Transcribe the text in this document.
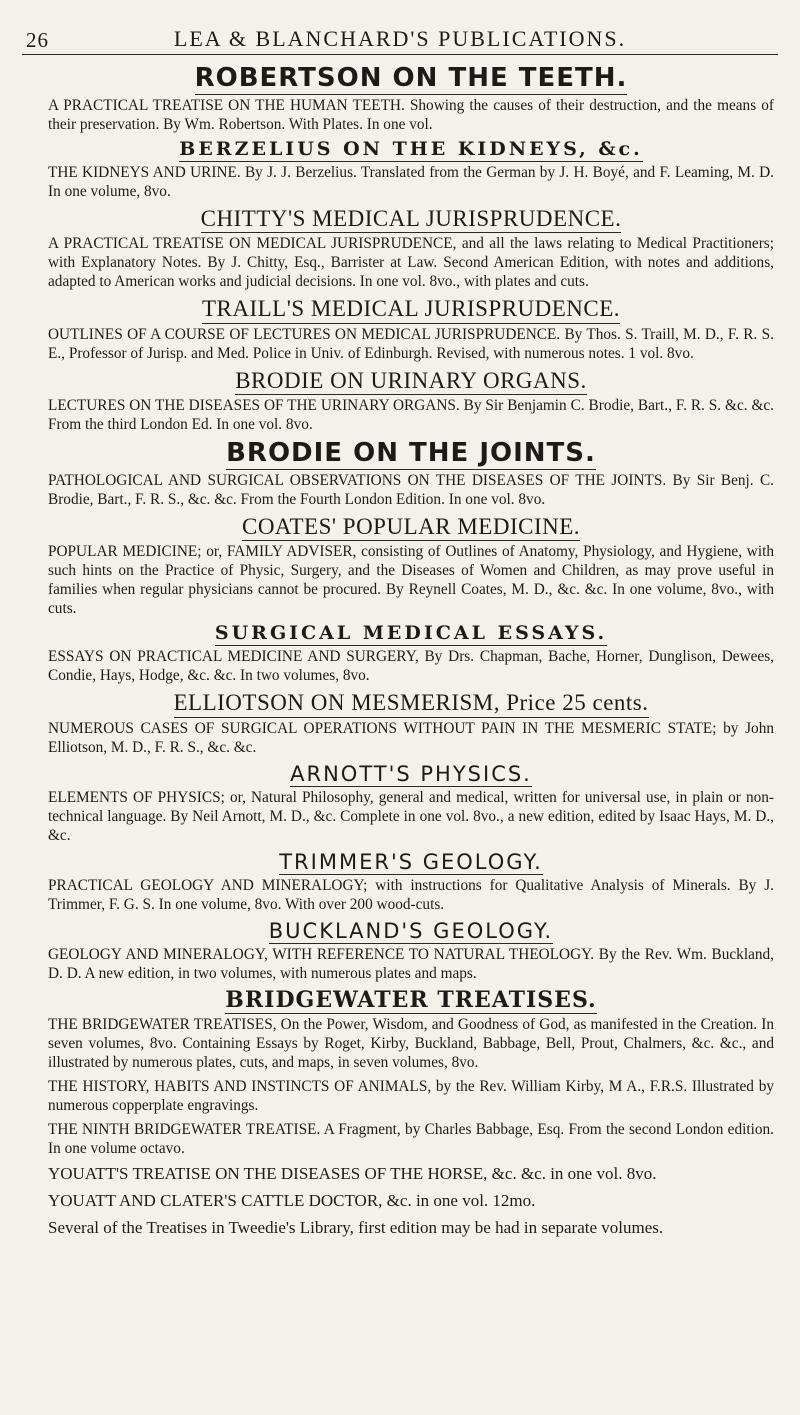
26	LEA & BLANCHARD'S PUBLICATIONS.
ROBERTSON ON THE TEETH.
A PRACTICAL TREATISE ON THE HUMAN TEETH. Showing the causes of their destruction, and the means of their preservation. By Wm. Robertson. With Plates. In one vol.
BERZELIUS ON THE KIDNEYS, &c.
THE KIDNEYS AND URINE. By J. J. Berzelius. Translated from the German by J. H. Boyé, and F. Leaming, M. D. In one volume, 8vo.
CHITTY'S MEDICAL JURISPRUDENCE.
A PRACTICAL TREATISE ON MEDICAL JURISPRUDENCE, and all the laws relating to Medical Practitioners; with Explanatory Notes. By J. Chitty, Esq., Barrister at Law. Second American Edition, with notes and additions, adapted to American works and judicial decisions. In one vol. 8vo., with plates and cuts.
TRAILL'S MEDICAL JURISPRUDENCE.
OUTLINES OF A COURSE OF LECTURES ON MEDICAL JURISPRUDENCE. By Thos. S. Traill, M. D., F. R. S. E., Professor of Jurisp. and Med. Police in Univ. of Edinburgh. Revised, with numerous notes. 1 vol. 8vo.
BRODIE ON URINARY ORGANS.
LECTURES ON THE DISEASES OF THE URINARY ORGANS. By Sir Benjamin C. Brodie, Bart., F. R. S. &c. &c. From the third London Ed. In one vol. 8vo.
BRODIE ON THE JOINTS.
PATHOLOGICAL AND SURGICAL OBSERVATIONS ON THE DISEASES OF THE JOINTS. By Sir Benj. C. Brodie, Bart., F. R. S., &c. &c. From the Fourth London Edition. In one vol. 8vo.
COATES' POPULAR MEDICINE.
POPULAR MEDICINE; or, FAMILY ADVISER, consisting of Outlines of Anatomy, Physiology, and Hygiene, with such hints on the Practice of Physic, Surgery, and the Diseases of Women and Children, as may prove useful in families when regular physicians cannot be procured. By Reynell Coates, M. D., &c. &c. In one volume, 8vo., with cuts.
SURGICAL MEDICAL ESSAYS.
ESSAYS ON PRACTICAL MEDICINE AND SURGERY, By Drs. Chapman, Bache, Horner, Dunglison, Dewees, Condie, Hays, Hodge, &c. &c. In two volumes, 8vo.
ELLIOTSON ON MESMERISM, Price 25 cents.
NUMEROUS CASES OF SURGICAL OPERATIONS WITHOUT PAIN IN THE MESMERIC STATE; by John Elliotson, M. D., F. R. S., &c. &c.
ARNOTT'S PHYSICS.
ELEMENTS OF PHYSICS; or, Natural Philosophy, general and medical, written for universal use, in plain or non-technical language. By Neil Arnott, M. D., &c. Complete in one vol. 8vo., a new edition, edited by Isaac Hays, M. D., &c.
TRIMMER'S GEOLOGY.
PRACTICAL GEOLOGY AND MINERALOGY; with instructions for Qualitative Analysis of Minerals. By J. Trimmer, F. G. S. In one volume, 8vo. With over 200 wood-cuts.
BUCKLAND'S GEOLOGY.
GEOLOGY AND MINERALOGY, WITH REFERENCE TO NATURAL THEOLOGY. By the Rev. Wm. Buckland, D. D. A new edition, in two volumes, with numerous plates and maps.
BRIDGEWATER TREATISES.
THE BRIDGEWATER TREATISES, On the Power, Wisdom, and Goodness of God, as manifested in the Creation. In seven volumes, 8vo. Containing Essays by Roget, Kirby, Buckland, Babbage, Bell, Prout, Chalmers, &c. &c., and illustrated by numerous plates, cuts, and maps, in seven volumes, 8vo.
THE HISTORY, HABITS AND INSTINCTS OF ANIMALS, by the Rev. William Kirby, M A., F.R.S. Illustrated by numerous copperplate engravings.
THE NINTH BRIDGEWATER TREATISE. A Fragment, by Charles Babbage, Esq. From the second London edition. In one volume octavo.
YOUATT'S TREATISE ON THE DISEASES OF THE HORSE, &c. &c. in one vol. 8vo.
YOUATT AND CLATER'S CATTLE DOCTOR, &c. in one vol. 12mo.
Several of the Treatises in Tweedie's Library, first edition may be had in separate volumes.
